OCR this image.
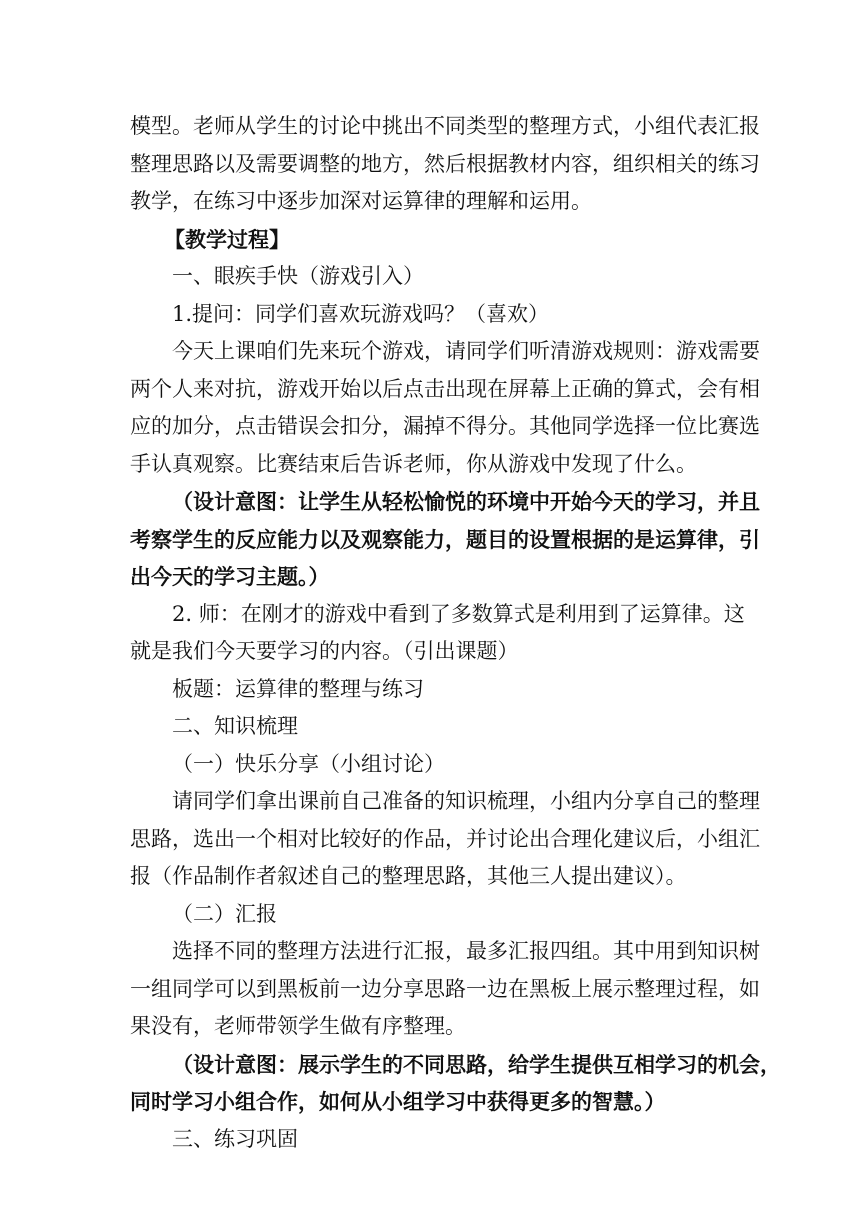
模型。老师从学生的讨论中挑出不同类型的整理方式，小组代表汇报

整理思路以及需要调整的地方，然后根据教材内容，组织相关的练习

教学，在练习中逐步加深对运算律的理解和运用。

【教学过程】

一、眼疾手快（游戏引入）

1.提问：同学们喜欢玩游戏吗？（喜欢）

今天上课咱们先来玩个游戏，请同学们听清游戏规则：游戏需要

两个人来对抗，游戏开始以后点击出现在屏幕上正确的算式，会有相

应的加分，点击错误会扣分，漏掉不得分。其他同学选择一位比赛选

手认真观察。比赛结束后告诉老师，你从游戏中发现了什么。

（设计意图：让学生从轻松愉悦的环境中开始今天的学习，并且

考察学生的反应能力以及观察能力，题目的设置根据的是运算律，引

出今天的学习主题。）

2. 师：在刚才的游戏中看到了多数算式是利用到了运算律。这

就是我们今天要学习的内容。（引出课题）

板题：运算律的整理与练习

二、知识梳理

（一）快乐分享（小组讨论）

请同学们拿出课前自己准备的知识梳理，小组内分享自己的整理

思路，选出一个相对比较好的作品，并讨论出合理化建议后，小组汇

报（作品制作者叙述自己的整理思路，其他三人提出建议）。

（二）汇报

选择不同的整理方法进行汇报，最多汇报四组。其中用到知识树

一组同学可以到黑板前一边分享思路一边在黑板上展示整理过程，如

果没有，老师带领学生做有序整理。

（设计意图：展示学生的不同思路，给学生提供互相学习的机会，

同时学习小组合作，如何从小组学习中获得更多的智慧。）

三、练习巩固
